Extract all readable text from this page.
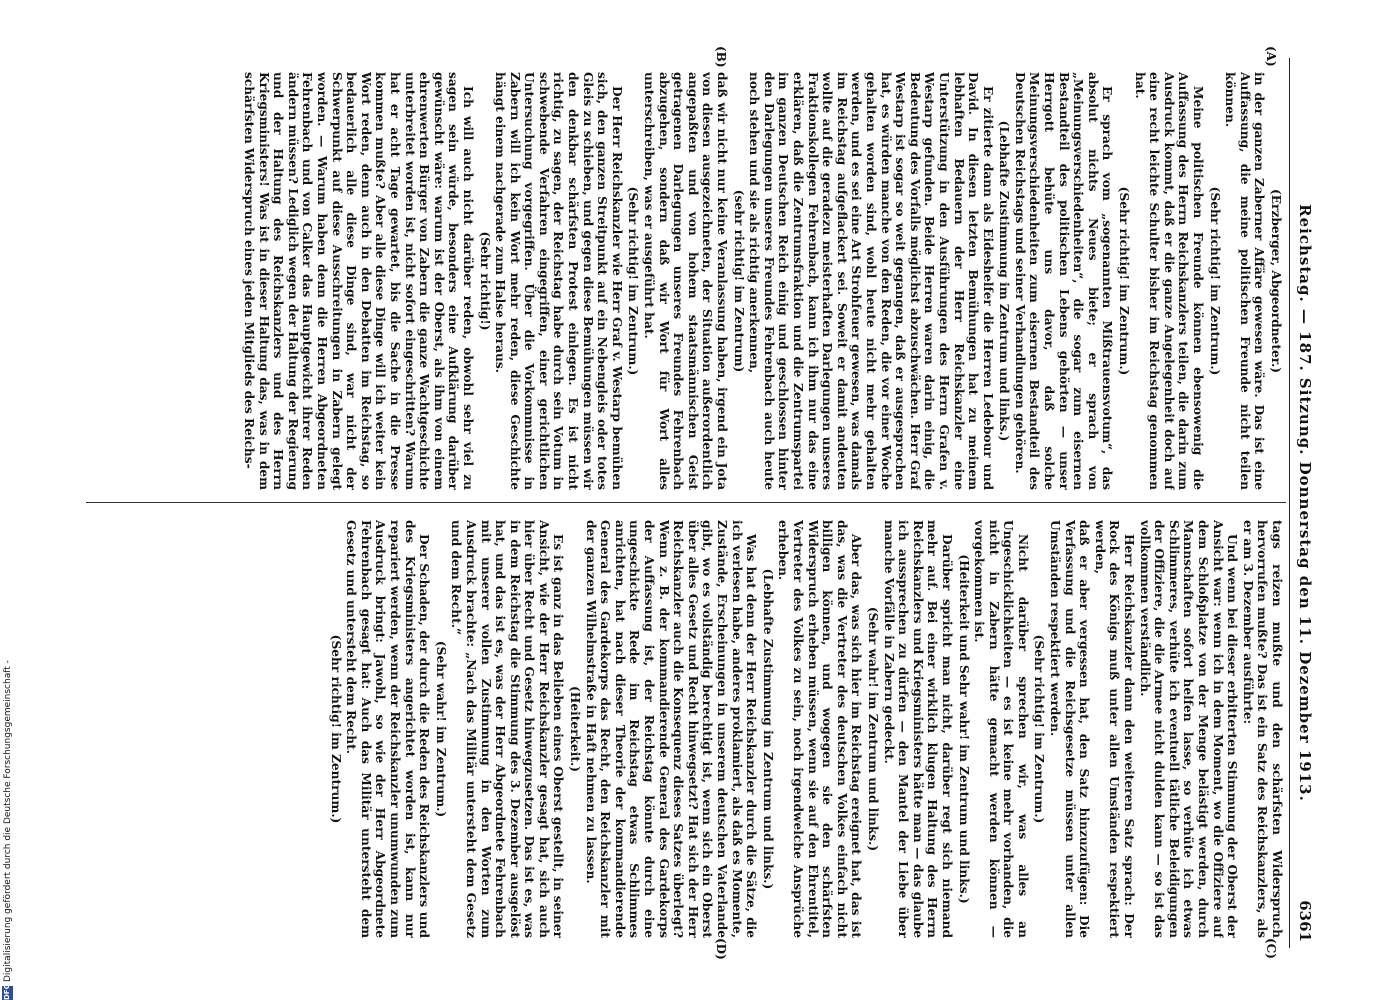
Reichstag. — 187. Sitzung. Donnerstag den 11. Dezember 1913.
6361
(A)
(B)
(C)
(D)

(Erzberger, Abgeordneter.)

in der ganzen Zaberner Affäre gewesen wäre. Das ist eine Auffassung, die meine politischen Freunde nicht teilen können.

(Sehr richtig! im Zentrum.)

Meine politischen Freunde können ebensowenig die Auffassung des Herrn Reichskanzlers teilen, die darin zum Ausdruck kommt, daß er die ganze Angelegenheit doch auf eine recht leichte Schulter bisher im Reichstag genommen hat.

(Sehr richtig! im Zentrum.)

Er sprach vom „sogenannten Mißtrauensvotum“, das absolut nichts Neues biete; er sprach von „Meinungsverschiedenheiten“, die sogar zum eisernen Bestandteil des politischen Lebens gehörten — unser Herrgott behüte uns davor, daß solche Meinungsverschiedenheiten zum eisernen Bestandteil des Deutschen Reichstags und seiner Verhandlungen gehören.

(Lebhafte Zustimmung im Zentrum und links.)

Er zitierte dann als Eideshelfer die Herren Ledebour und David. In diesen letzten Bemühungen hat zu meinem lebhaften Bedauern der Herr Reichskanzler eine Unterstützung in den Ausführungen des Herrn Grafen v. Westarp gefunden. Beide Herren waren darin einig, die Bedeutung des Vorfalls möglichst abzuschwächen. Herr Graf Westarp ist sogar so weit gegangen, daß er ausgesprochen hat, es würden manche von den Reden, die vor einer Woche gehalten worden sind, wohl heute nicht mehr gehalten werden, und es sei eine Art Strohfeuer gewesen, was damals im Reichstag aufgeflackert sei. Soweit er damit andeuten wollte auf die geradezu meisterhaften Darlegungen unseres Fraktionskollegen Fehrenbach, kann ich ihm nur das eine erklären, daß die Zentrumsfraktion und die Zentrumspartei im ganzen Deutschen Reich einig und geschlossen hinter den Darlegungen unseres Freundes Fehrenbach auch heute noch stehen und sie als richtig anerkennen,

(sehr richtig! im Zentrum)

daß wir nicht nur keine Veranlassung haben, irgend ein Jota von diesen ausgezeichneten, der Situation außerordentlich angepaßten und von hohem staatsmännischen Geist getragenen Darlegungen unseres Freundes Fehrenbach abzugehen, sondern daß wir Wort für Wort alles unterschreiben, was er ausgeführt hat.

(Sehr richtig! im Zentrum.)

Der Herr Reichskanzler wie Herr Graf v. Westarp bemühen sich, den ganzen Streitpunkt auf ein Nebengleis oder totes Gleis zu schieben, und gegen diese Bemühungen müssen wir den denkbar schärfsten Protest einlegen. Es ist nicht richtig, zu sagen, der Reichstag habe durch sein Votum in schwebende Verfahren eingegriffen, einer gerichtlichen Untersuchung vorgegriffen. Über die Vorkommnisse in Zabern will ich kein Wort mehr reden, diese Geschichte hängt einem nachgerade zum Halse heraus.

(Sehr richtig!)

Ich will auch nicht darüber reden, obwohl sehr viel zu sagen sein würde, besonders eine Aufklärung darüber gewünscht wäre: warum ist der Oberst, als ihm von einem ehrenwerten Bürger von Zabern die ganze Wachtgeschichte unterbreitet worden ist, nicht sofort eingeschritten? Warum hat er acht Tage gewartet, bis die Sache in die Presse kommen mußte? Aber alle diese Dinge will ich weiter kein Wort reden, denn auch in den Debatten im Reichstag, so bedauerlich alle diese Dinge sind, war nicht der Schwerpunkt auf diese Ausschreitungen in Zabern gelegt worden. — Warum haben denn die Herren Abgeordneten Fehrenbach und von Calker das Hauptgewicht ihrer Reden ändern müssen? Lediglich wegen der Haltung der Regierung und der Haltung des Reichskanzlers und des Herrn Kriegsministers! Was ist in dieser Haltung das, was in dem schärfsten Widerspruch eines jeden Mitglieds des Reichs-

tags reizen mußte und den schärfsten Widerspruch hervorrufen mußte? Das ist ein Satz des Reichskanzlers, als er am 3. Dezember ausführte:

Und wenn bei dieser erbitterten Stimmung der Oberst der Ansicht war: wenn ich in dem Moment, wo die Offiziere auf dem Schloßplatze von der Menge belästigt werden, durch Mannschaften sofort helfen lasse, so verhüte ich etwas Schlimmeres, verhüte ich eventuell tätliche Beleidigungen der Offiziere, die die Armee nicht dulden kann — so ist das vollkommen verständlich.

Herr Reichskanzler dann den weiteren Satz sprach: Der Rock des Königs muß unter allen Umständen respektiert werden,

daß er aber vergessen hat, den Satz hinzuzufügen: Die Verfassung und die Reichsgesetze müssen unter allen Umständen respektiert werden.

(Sehr richtig! im Zentrum.)

Nicht darüber sprechen wir, was alles an Ungeschicklichkeiten — es ist keine mehr vorhanden, die nicht in Zabern hätte gemacht werden können — vorgekommen ist.

(Heiterkeit und Sehr wahr! im Zentrum und links.)

Darüber spricht man nicht, darüber regt sich niemand mehr auf. Bei einer wirklich klugen Haltung des Herrn Reichskanzlers und Kriegsministers hätte man — das glaube ich aussprechen zu dürfen — den Mantel der Liebe über manche Vorfälle in Zabern gedeckt.

(Sehr wahr! im Zentrum und links.)

Aber das, was sich hier im Reichstag ereignet hat, das ist das, was die Vertreter des deutschen Volkes einfach nicht billigen können, und wogegen sie den schärfsten Widerspruch erheben müssen, wenn sie auf den Ehrentitel, Vertreter des Volkes zu sein, noch irgendwelche Ansprüche erheben.

(Lebhafte Zustimmung im Zentrum und links.)

Was hat denn der Herr Reichskanzler durch die Sätze, die ich verlesen habe, anderes proklamiert, als daß es Momente, Zustände, Erscheinungen in unserem deutschen Vaterlande gibt, wo es vollständig berechtigt ist, wenn sich ein Oberst über alles Gesetz und Recht hinwegsetzt? Hat sich der Herr Reichskanzler auch die Konsequenz dieses Satzes überlegt? Wenn z. B. der kommandierende General des Gardekorps der Auffassung ist, der Reichstag könnte durch eine ungeschickte Rede im Reichstag etwas Schlimmes anrichten, hat nach dieser Theorie der kommandierende General des Gardekorps das Recht, den Reichskanzler mit der ganzen Wilhelmstraße in Haft nehmen zu lassen.

(Heiterkeit.)

Es ist ganz in das Belieben eines Oberst gestellt, in seiner Ansicht, wie der Herr Reichskanzler gesagt hat, sich auch hier über Recht und Gesetz hinwegzusetzen. Das ist es, was in dem Reichstag die Stimmung des 3. Dezember ausgelöst hat, und das ist es, was der Herr Abgeordnete Fehrenbach mit unserer vollen Zustimmung in den Worten zum Ausdruck brachte: „Nach das Militär untersteht dem Gesetz und dem Recht.“

(Sehr wahr! im Zentrum.)

Der Schaden, der durch die Reden des Reichskanzlers und des Kriegsministers angerichtet worden ist, kann nur repariert werden, wenn der Reichskanzler unumwunden zum Ausdruck bringt: Jawohl, so wie der Herr Abgeordnete Fehrenbach gesagt hat: Auch das Militär untersteht dem Gesetz und untersteht dem Recht.

(Sehr richtig! im Zentrum.)

DFG
Digitalisierung gefördert durch die Deutsche Forschungsgemeinschaft -
